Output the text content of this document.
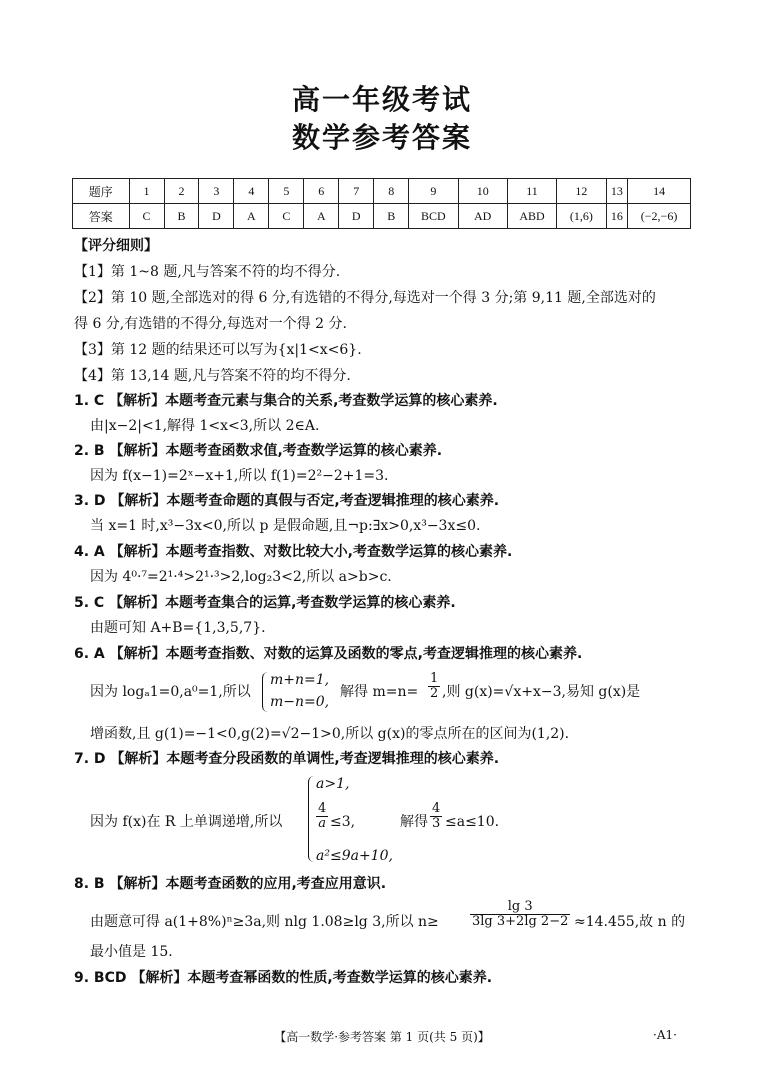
高一年级考试
数学参考答案
题序	1	2	3	4	5	6	7	8	9	10	11	12	13	14
答案	C	B	D	A	C	A	D	B	BCD	AD	ABD	(1,6)	16	(−2,−6)
【评分细则】
【1】第 1~8 题,凡与答案不符的均不得分.
【2】第 10 题,全部选对的得 6 分,有选错的不得分,每选对一个得 3 分;第 9,11 题,全部选对的
得 6 分,有选错的不得分,每选对一个得 2 分.
【3】第 12 题的结果还可以写为{x|1<x<6}.
【4】第 13,14 题,凡与答案不符的均不得分.
1. C 【解析】本题考查元素与集合的关系,考查数学运算的核心素养.
由|x−2|<1,解得 1<x<3,所以 2∈A.
2. B 【解析】本题考查函数求值,考查数学运算的核心素养.
因为 f(x−1)=2ˣ−x+1,所以 f(1)=2²−2+1=3.
3. D 【解析】本题考查命题的真假与否定,考查逻辑推理的核心素养.
当 x=1 时,x³−3x<0,所以 p 是假命题,且¬p:∃x>0,x³−3x≤0.
4. A 【解析】本题考查指数、对数比较大小,考查数学运算的核心素养.
因为 4⁰·⁷=2¹·⁴>2¹·³>2,log₂3<2,所以 a>b>c.
5. C 【解析】本题考查集合的运算,考查数学运算的核心素养.
由题可知 A+B={1,3,5,7}.
6. A 【解析】本题考查指数、对数的运算及函数的零点,考查逻辑推理的核心素养.
因为 logₐ1=0,a⁰=1,所以
m+n=1,
m−n=0,
解得 $m=n= \frac{1}{2}$ ,则 g(x)=√x+x−3,易知 g(x)是
增函数,且 g(1)=−1<0,g(2)=√2−1>0,所以 g(x)的零点所在的区间为(1,2).
7. D 【解析】本题考查分段函数的单调性,考查逻辑推理的核心素养.
因为 f(x)在 R 上单调递增,所以
a>1,
$\frac{4}{a} \le 3$,
a²≤9a+10,
解得 $\frac{4}{3} \le a\le 10$.
8. B 【解析】本题考查函数的应用,考查应用意识.
由题意可得 a(1+8%)ⁿ≥3a,则 nlg 1.08≥lg 3,所以 $n\ge \frac{\lg 3}{3\lg 3+2\lg 2-2} \approx 14.455$,故 n 的
最小值是 15.
9. BCD 【解析】本题考查幂函数的性质,考查数学运算的核心素养.
【高一数学·参考答案 第 1 页(共 5 页)】	·A1·
